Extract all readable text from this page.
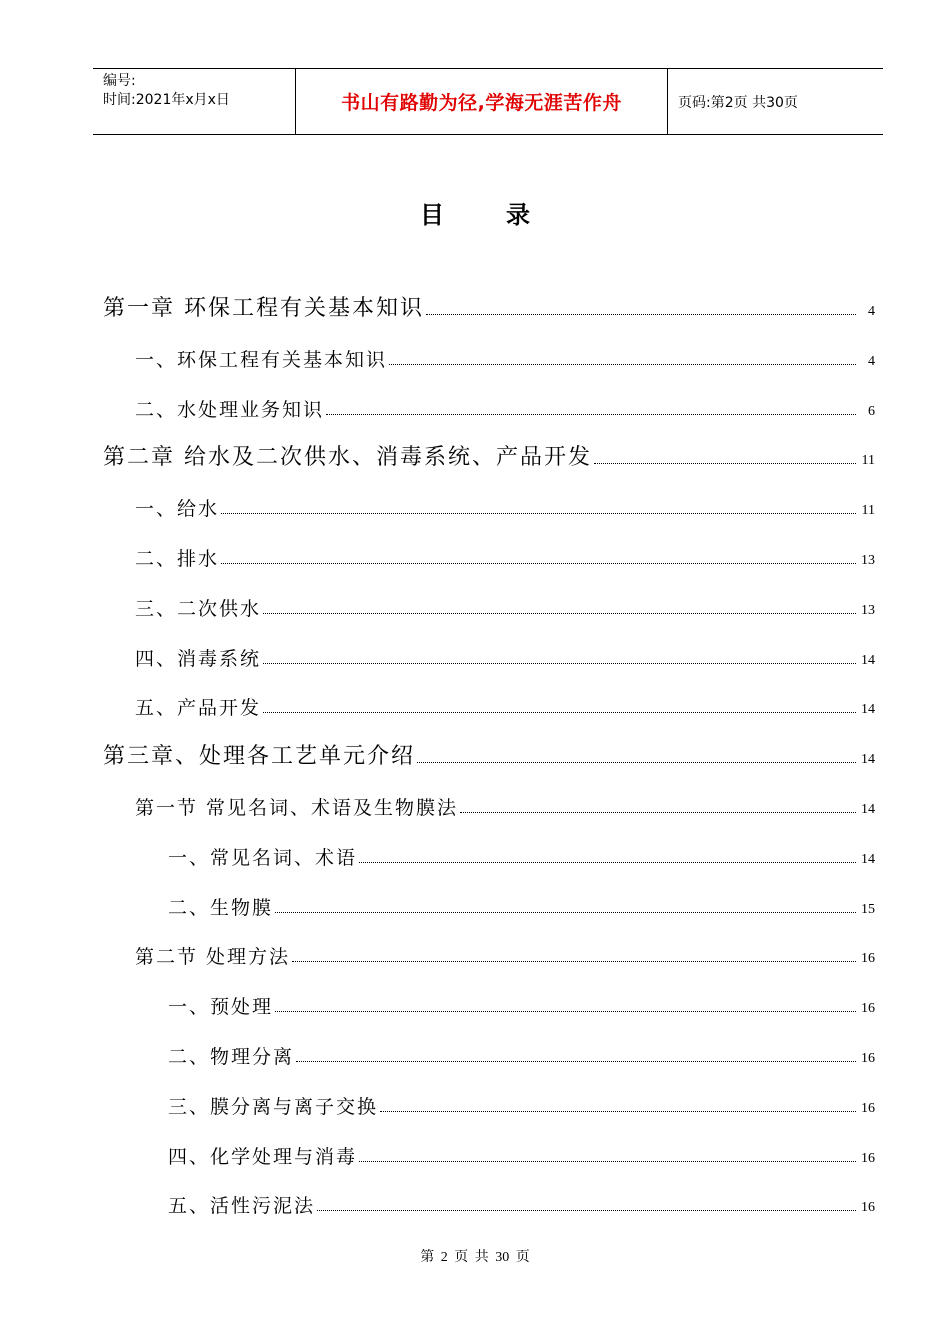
编号:
时间:2021年x月x日	书山有路勤为径,学海无涯苦作舟	页码:第2页 共30页
目录
第一章 环保工程有关基本知识	4
一、环保工程有关基本知识	4
二、水处理业务知识	6
第二章 给水及二次供水、消毒系统、产品开发	11
一、给水	11
二、排水	13
三、二次供水	13
四、消毒系统	14
五、产品开发	14
第三章、处理各工艺单元介绍	14
第一节 常见名词、术语及生物膜法	14
一、常见名词、术语	14
二、生物膜	15
第二节 处理方法	16
一、预处理	16
二、物理分离	16
三、膜分离与离子交换	16
四、化学处理与消毒	16
五、活性污泥法	16
第 2 页 共 30 页
